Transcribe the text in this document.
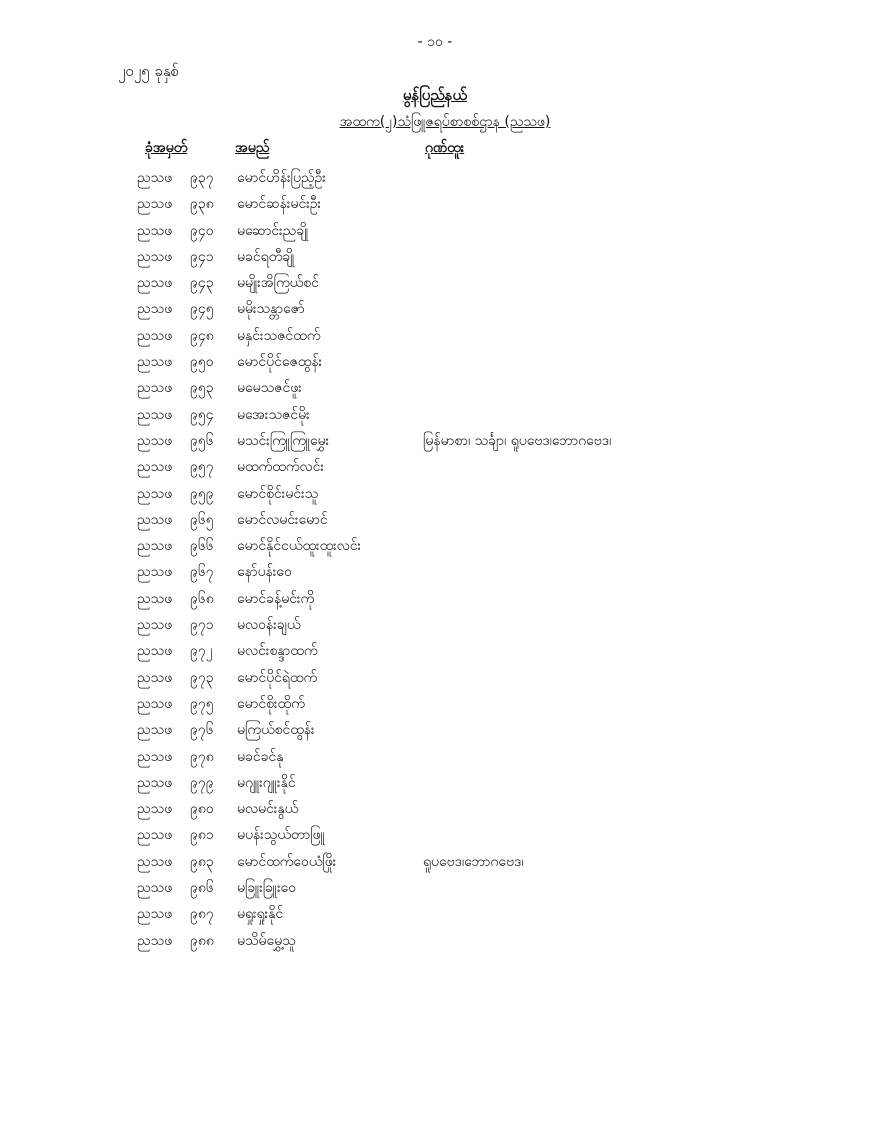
- ၁၀ -
၂၀၂၅ ခုနှစ်
မွန်ပြည်နယ်
အထက(၂)သံဖြူဇရပ်စာစစ်ဌာန (ညသဖ)
ခုံအမှတ်	အမည်	ဂုဏ်ထူး
ညသဖ ၉၃၇ မောင်ဟိန်းပြည့်ဦး
ညသဖ ၉၃၈ မောင်ဆန်းမင်းဦး
ညသဖ ၉၄၀ မဆောင်းညချို
ညသဖ ၉၄၁ မခင်ရတီချို
ညသဖ ၉၄၃ မမျိုးအိကြယ်စင်
ညသဖ ၉၄၅ မမိုးသန္တာဇော်
ညသဖ ၉၄၈ မနှင်းသဇင်ထက်
ညသဖ ၉၅၀ မောင်ပိုင်ဇေထွန်း
ညသဖ ၉၅၃ မမေသဇင်ဖူး
ညသဖ ၉၅၄ မအေးသဇင်မိုး
ညသဖ ၉၅၆ မသင်းကြူကြူမွှေး	မြန်မာစာ၊ သင်္ချာ၊ ရူပဗေဒ၊ဘောဂဗေဒ၊
ညသဖ ၉၅၇ မထက်ထက်လင်း
ညသဖ ၉၅၉ မောင်စိုင်းမင်းသူ
ညသဖ ၉၆၅ မောင်လမင်းမောင်
ညသဖ ၉၆၆ မောင်နိုင်ငယ်ထူးထူးလင်း
ညသဖ ၉၆၇ နော်ပန်းဝေ
ညသဖ ၉၆၈ မောင်ခန့်မင်းကို
ညသဖ ၉၇၁ မလဝန်းချယ်
ညသဖ ၉၇၂ မလင်းစန္ဒာထက်
ညသဖ ၉၇၃ မောင်ပိုင်ရဲထက်
ညသဖ ၉၇၅ မောင်စိုးထိုက်
ညသဖ ၉၇၆ မကြယ်စင်ထွန်း
ညသဖ ၉၇၈ မခင်ခင်နု
ညသဖ ၉၇၉ မဂျူးဂျူးနိုင်
ညသဖ ၉၈၀ မလမင်းနွယ်
ညသဖ ၉၈၁ မပန်းသွယ်တာဖြူ
ညသဖ ၉၈၃ မောင်ထက်ဝေယံဖြိုး	ရူပဗေဒ၊ဘောဂဗေဒ၊
ညသဖ ၉၈၆ မခြူးခြူးဝေ
ညသဖ ၉၈၇ မရှုးရှုးနိုင်
ညသဖ ၉၈၈ မသိမ်မွှေ့သူ
